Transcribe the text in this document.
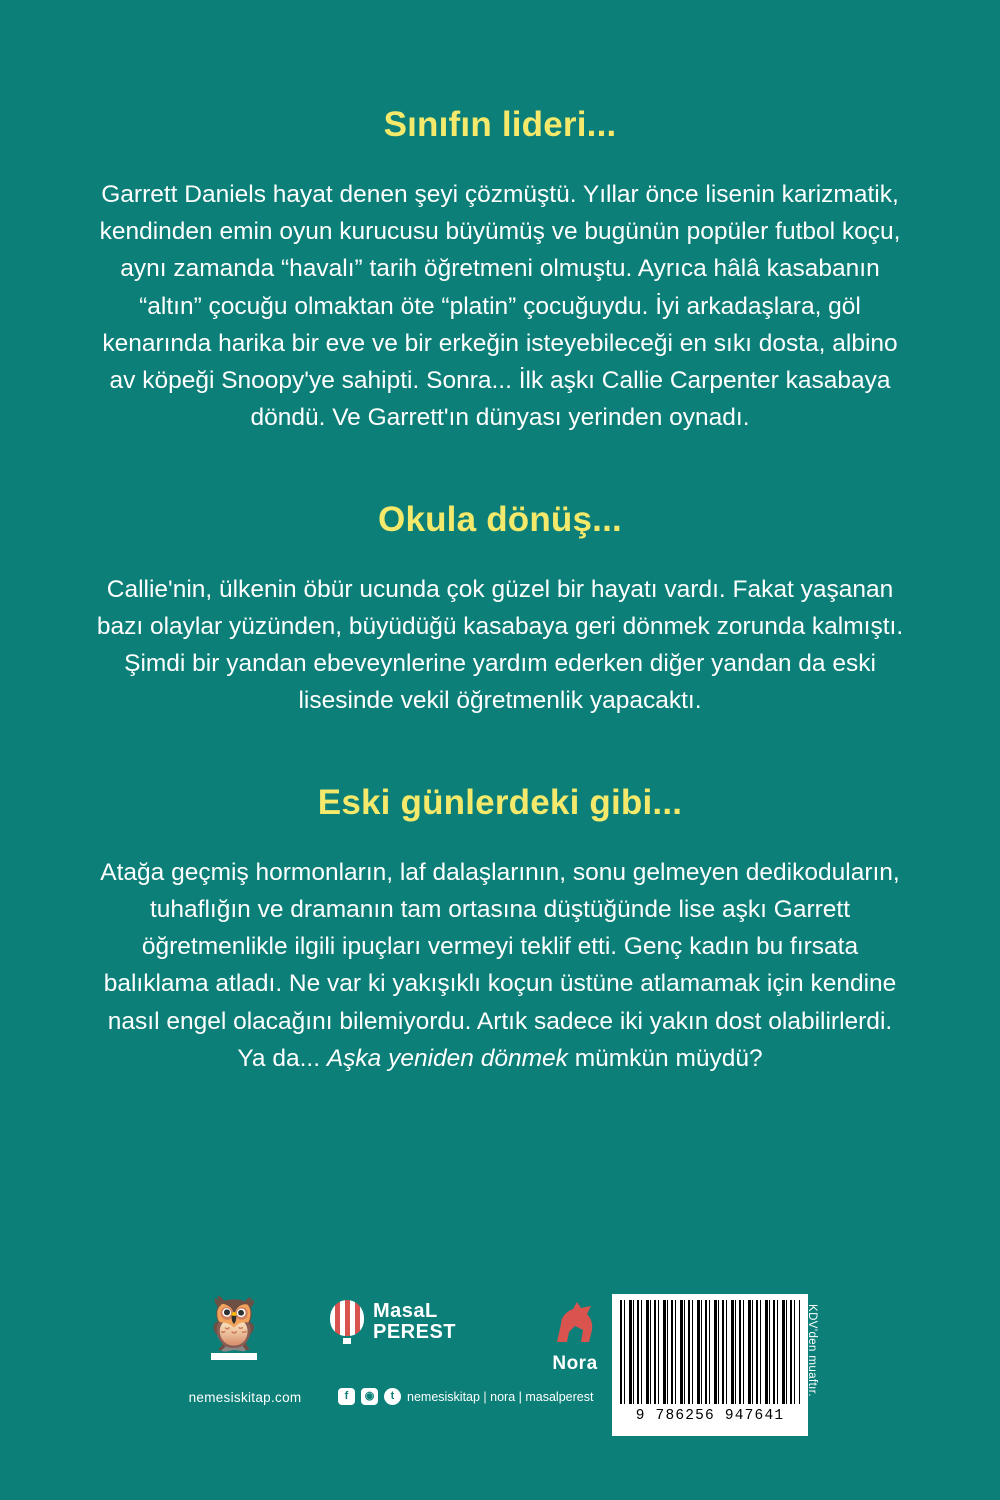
Sınıfın lideri...

Garrett Daniels hayat denen şeyi çözmüştü. Yıllar önce lisenin karizmatik, kendinden emin oyun kurucusu büyümüş ve bugünün popüler futbol koçu, aynı zamanda “havalı” tarih öğretmeni olmuştu. Ayrıca hâlâ kasabanın “altın” çocuğu olmaktan öte “platin” çocuğuydu. İyi arkadaşlara, göl kenarında harika bir eve ve bir erkeğin isteyebileceği en sıkı dosta, albino av köpeği Snoopy'ye sahipti. Sonra... İlk aşkı Callie Carpenter kasabaya döndü. Ve Garrett'ın dünyası yerinden oynadı.

Okula dönüş...

Callie'nin, ülkenin öbür ucunda çok güzel bir hayatı vardı. Fakat yaşanan bazı olaylar yüzünden, büyüdüğü kasabaya geri dönmek zorunda kalmıştı. Şimdi bir yandan ebeveynlerine yardım ederken diğer yandan da eski lisesinde vekil öğretmenlik yapacaktı.

Eski günlerdeki gibi...

Atağa geçmiş hormonların, laf dalaşlarının, sonu gelmeyen dedikoduların, tuhaflığın ve dramanın tam ortasına düştüğünde lise aşkı Garrett öğretmenlikle ilgili ipuçları vermeyi teklif etti. Genç kadın bu fırsata balıklama atladı. Ne var ki yakışıklı koçun üstüne atlamamak için kendine nasıl engel olacağını bilemiyordu. Artık sadece iki yakın dost olabilirlerdi. Ya da... Aşka yeniden dönmek mümkün müydü?

🦉
nemesiskitap.com	f	◉	t	nemesiskitap | nora | masalperest
MasaL
PEREST
Nora
9 786256 947641
KDV'den muaftır.
